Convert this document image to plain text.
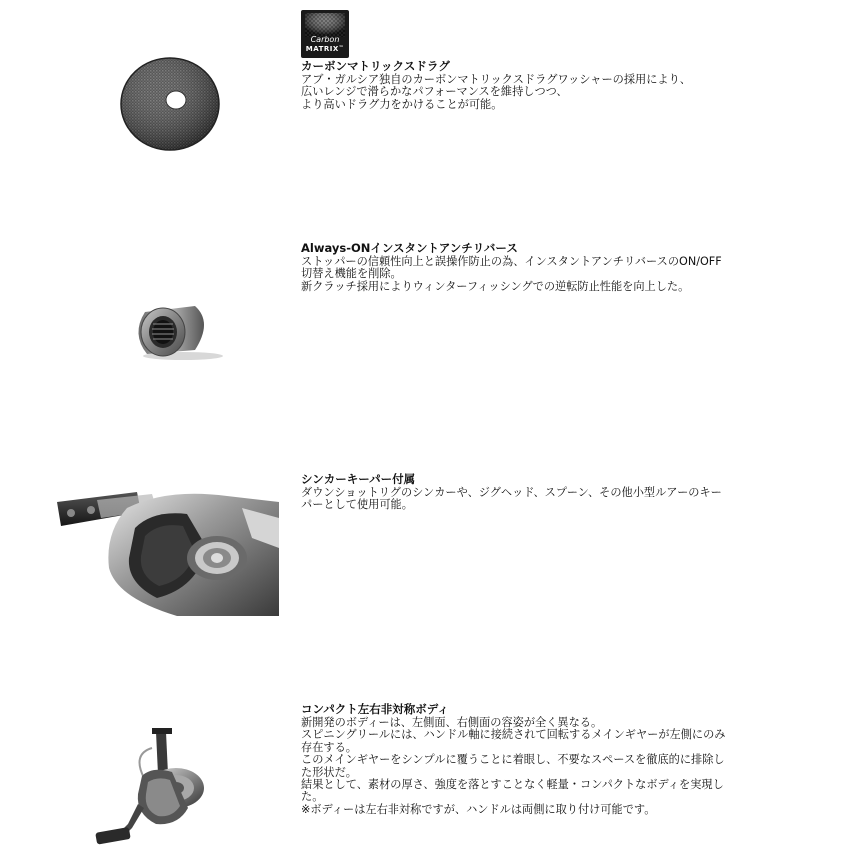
Carbon
MATRIX™
カーボンマトリックスドラグ
アブ・ガルシア独自のカーボンマトリックスドラグワッシャーの採用により、
広いレンジで滑らかなパフォーマンスを維持しつつ、
より高いドラグ力をかけることが可能。
Always-ONインスタントアンチリバース
ストッパーの信頼性向上と誤操作防止の為、インスタントアンチリバースのON/OFF
切替え機能を削除。
新クラッチ採用によりウィンターフィッシングでの逆転防止性能を向上した。
シンカーキーパー付属
ダウンショットリグのシンカーや、ジグヘッド、スプーン、その他小型ルアーのキー
パーとして使用可能。
コンパクト左右非対称ボディ
新開発のボディーは、左側面、右側面の容姿が全く異なる。
スピニングリールには、ハンドル軸に接続されて回転するメインギヤーが左側にのみ
存在する。
このメインギヤーをシンプルに覆うことに着眼し、不要なスペースを徹底的に排除し
た形状だ。
結果として、素材の厚さ、強度を落とすことなく軽量・コンパクトなボディを実現し
た。
※ボディーは左右非対称ですが、ハンドルは両側に取り付け可能です。
